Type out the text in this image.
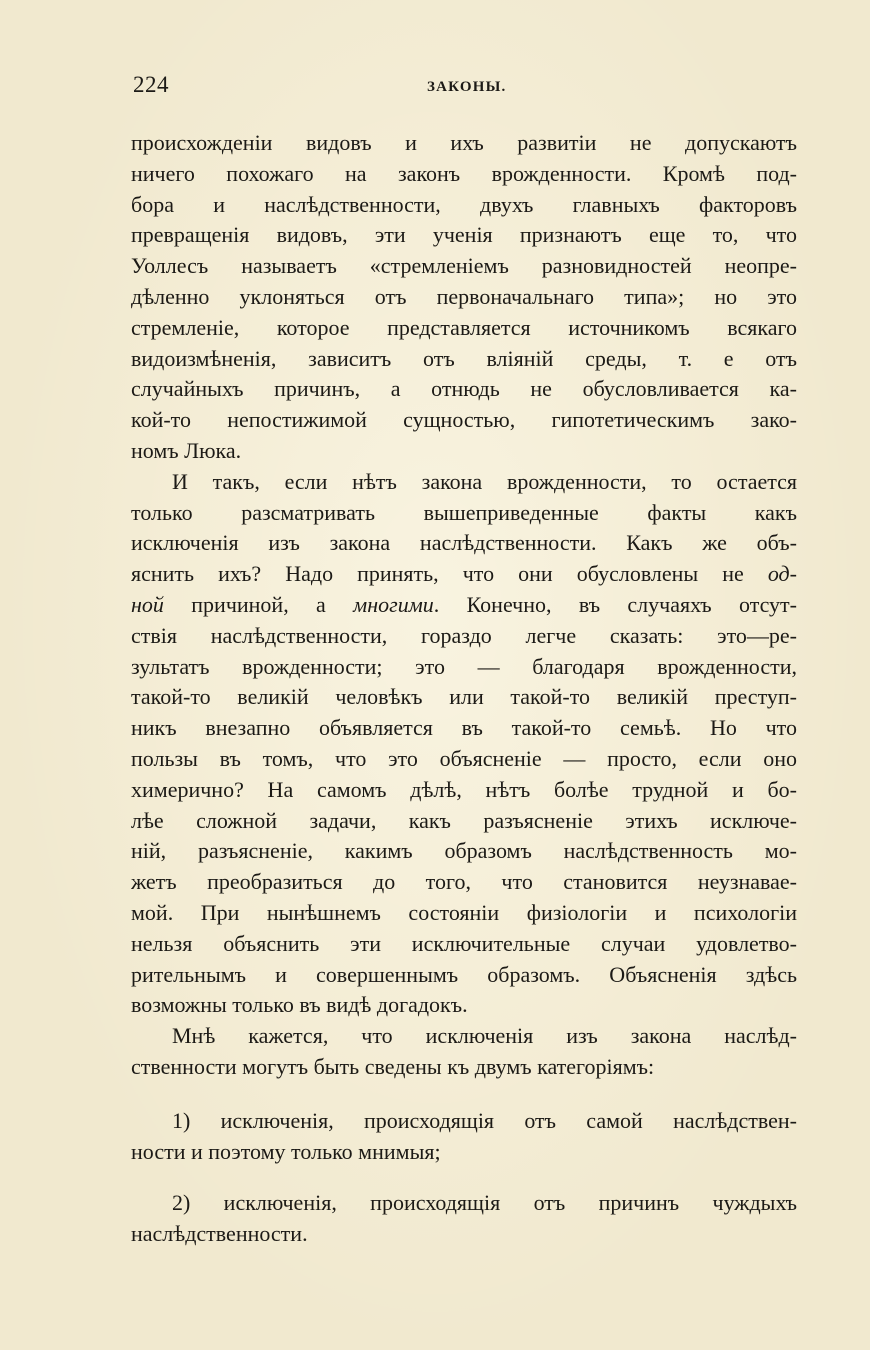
224	ЗАКОНЫ.
происхожденіи видовъ и ихъ развитіи не допускаютъ
ничего похожаго на законъ врожденности. Кромѣ под-
бора и наслѣдственности, двухъ главныхъ факторовъ
превращенія видовъ, эти ученія признаютъ еще то, что
Уоллесъ называетъ «стремленіемъ разновидностей неопре-
дѣленно уклоняться отъ первоначальнаго типа»; но это
стремленіе, которое представляется источникомъ всякаго
видоизмѣненія, зависитъ отъ вліяній среды, т. е отъ
случайныхъ причинъ, а отнюдь не обусловливается ка-
кой-то непостижимой сущностью, гипотетическимъ зако-
номъ Люка.
И такъ, если нѣтъ закона врожденности, то остается
только разсматривать вышеприведенные факты какъ
исключенія изъ закона наслѣдственности. Какъ же объ-
яснить ихъ? Надо принять, что они обусловлены не од-
ной причиной, а многими. Конечно, въ случаяхъ отсут-
ствія наслѣдственности, гораздо легче сказать: это—ре-
зультатъ врожденности; это — благодаря врожденности,
такой-то великій человѣкъ или такой-то великій преступ-
никъ внезапно объявляется въ такой-то семьѣ. Но что
пользы въ томъ, что это объясненіе — просто, если оно
химерично? На самомъ дѣлѣ, нѣтъ болѣе трудной и бо-
лѣе сложной задачи, какъ разъясненіе этихъ исключе-
ній, разъясненіе, какимъ образомъ наслѣдственность мо-
жетъ преобразиться до того, что становится неузнавае-
мой. При нынѣшнемъ состояніи физіологіи и психологіи
нельзя объяснить эти исключительные случаи удовлетво-
рительнымъ и совершеннымъ образомъ. Объясненія здѣсь
возможны только въ видѣ догадокъ.
Мнѣ кажется, что исключенія изъ закона наслѣд-
ственности могутъ быть сведены къ двумъ категоріямъ:
1) исключенія, происходящія отъ самой наслѣдствен-
ности и поэтому только мнимыя;
2) исключенія, происходящія отъ причинъ чуждыхъ
наслѣдственности.
